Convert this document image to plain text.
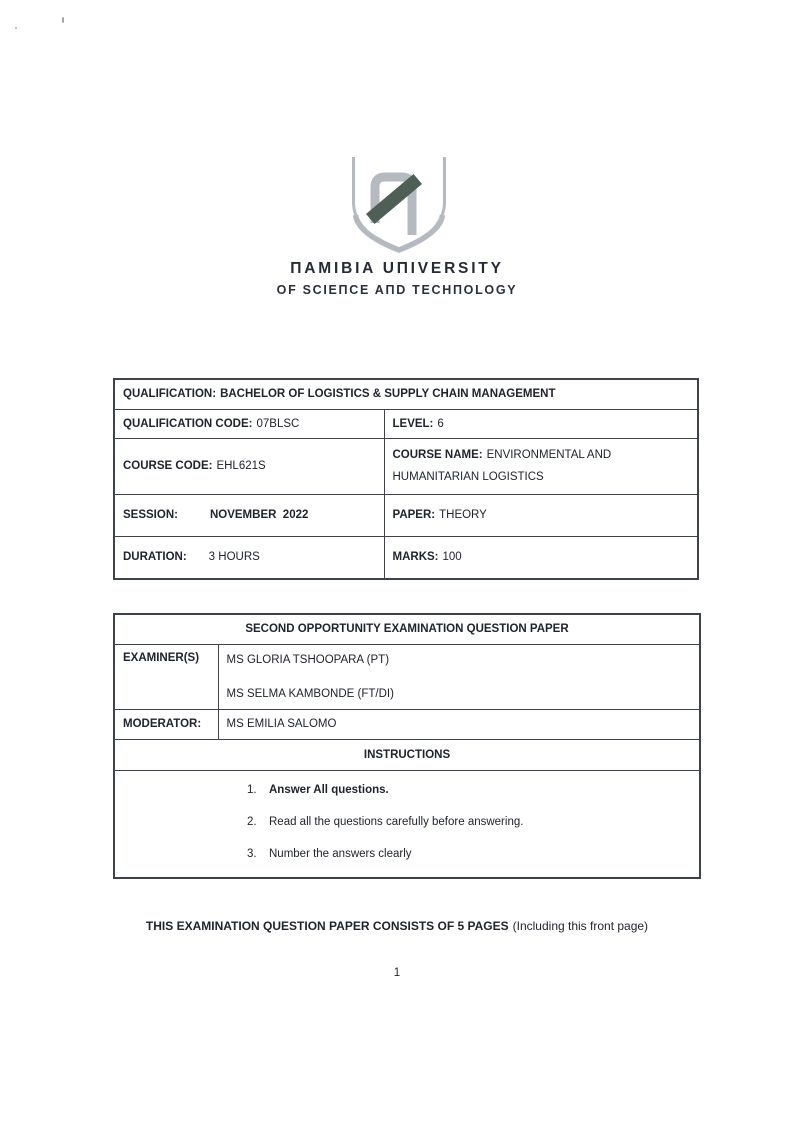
ΠAMIBIA UΠIVERSITY
OF SCIEΠCE AΠD TECHΠOLOGY
QUALIFICATION: BACHELOR OF LOGISTICS & SUPPLY CHAIN MANAGEMENT	
QUALIFICATION CODE: 07BLSC	LEVEL: 6
COURSE CODE: EHL621S	COURSE NAME: ENVIRONMENTAL AND
HUMANITARIAN LOGISTICS
SESSION: NOVEMBER  2022	PAPER: THEORY
DURATION: 3 HOURS	MARKS: 100
SECOND OPPORTUNITY EXAMINATION QUESTION PAPER	
EXAMINER(S)	MS GLORIA TSHOOPARA (PT)
MS SELMA KAMBONDE (FT/DI)

MODERATOR:	MS EMILIA SALOMO
INSTRUCTIONS	

1.	Answer All questions.
2.	Read all the questions carefully before answering.
3.	Number the answers clearly
THIS EXAMINATION QUESTION PAPER CONSISTS OF 5 PAGES (Including this front page)
1
